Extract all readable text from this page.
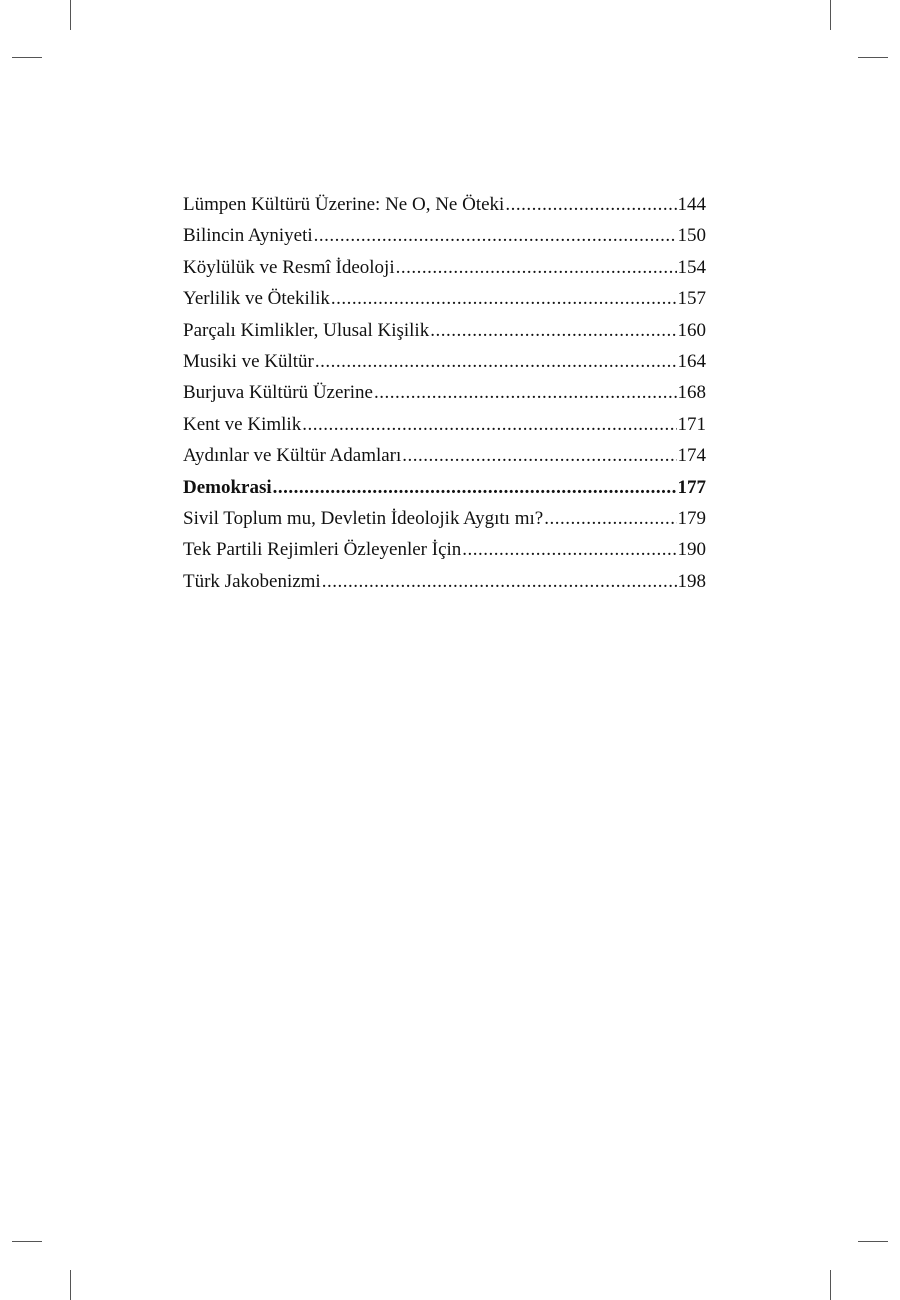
Lümpen Kültürü Üzerine: Ne O, Ne Öteki .....	144
Bilincin Ayniyeti .....	150
Köylülük ve Resmî İdeoloji .....	154
Yerlilik ve Ötekilik .....	157
Parçalı Kimlikler, Ulusal Kişilik .....	160
Musiki ve Kültür .....	164
Burjuva Kültürü Üzerine .....	168
Kent ve Kimlik .....	171
Aydınlar ve Kültür Adamları .....	174
Demokrasi .....	177
Sivil Toplum mu, Devletin İdeolojik Aygıtı mı? .....	179
Tek Partili Rejimleri Özleyenler İçin .....	190
Türk Jakobenizmi .....	198
